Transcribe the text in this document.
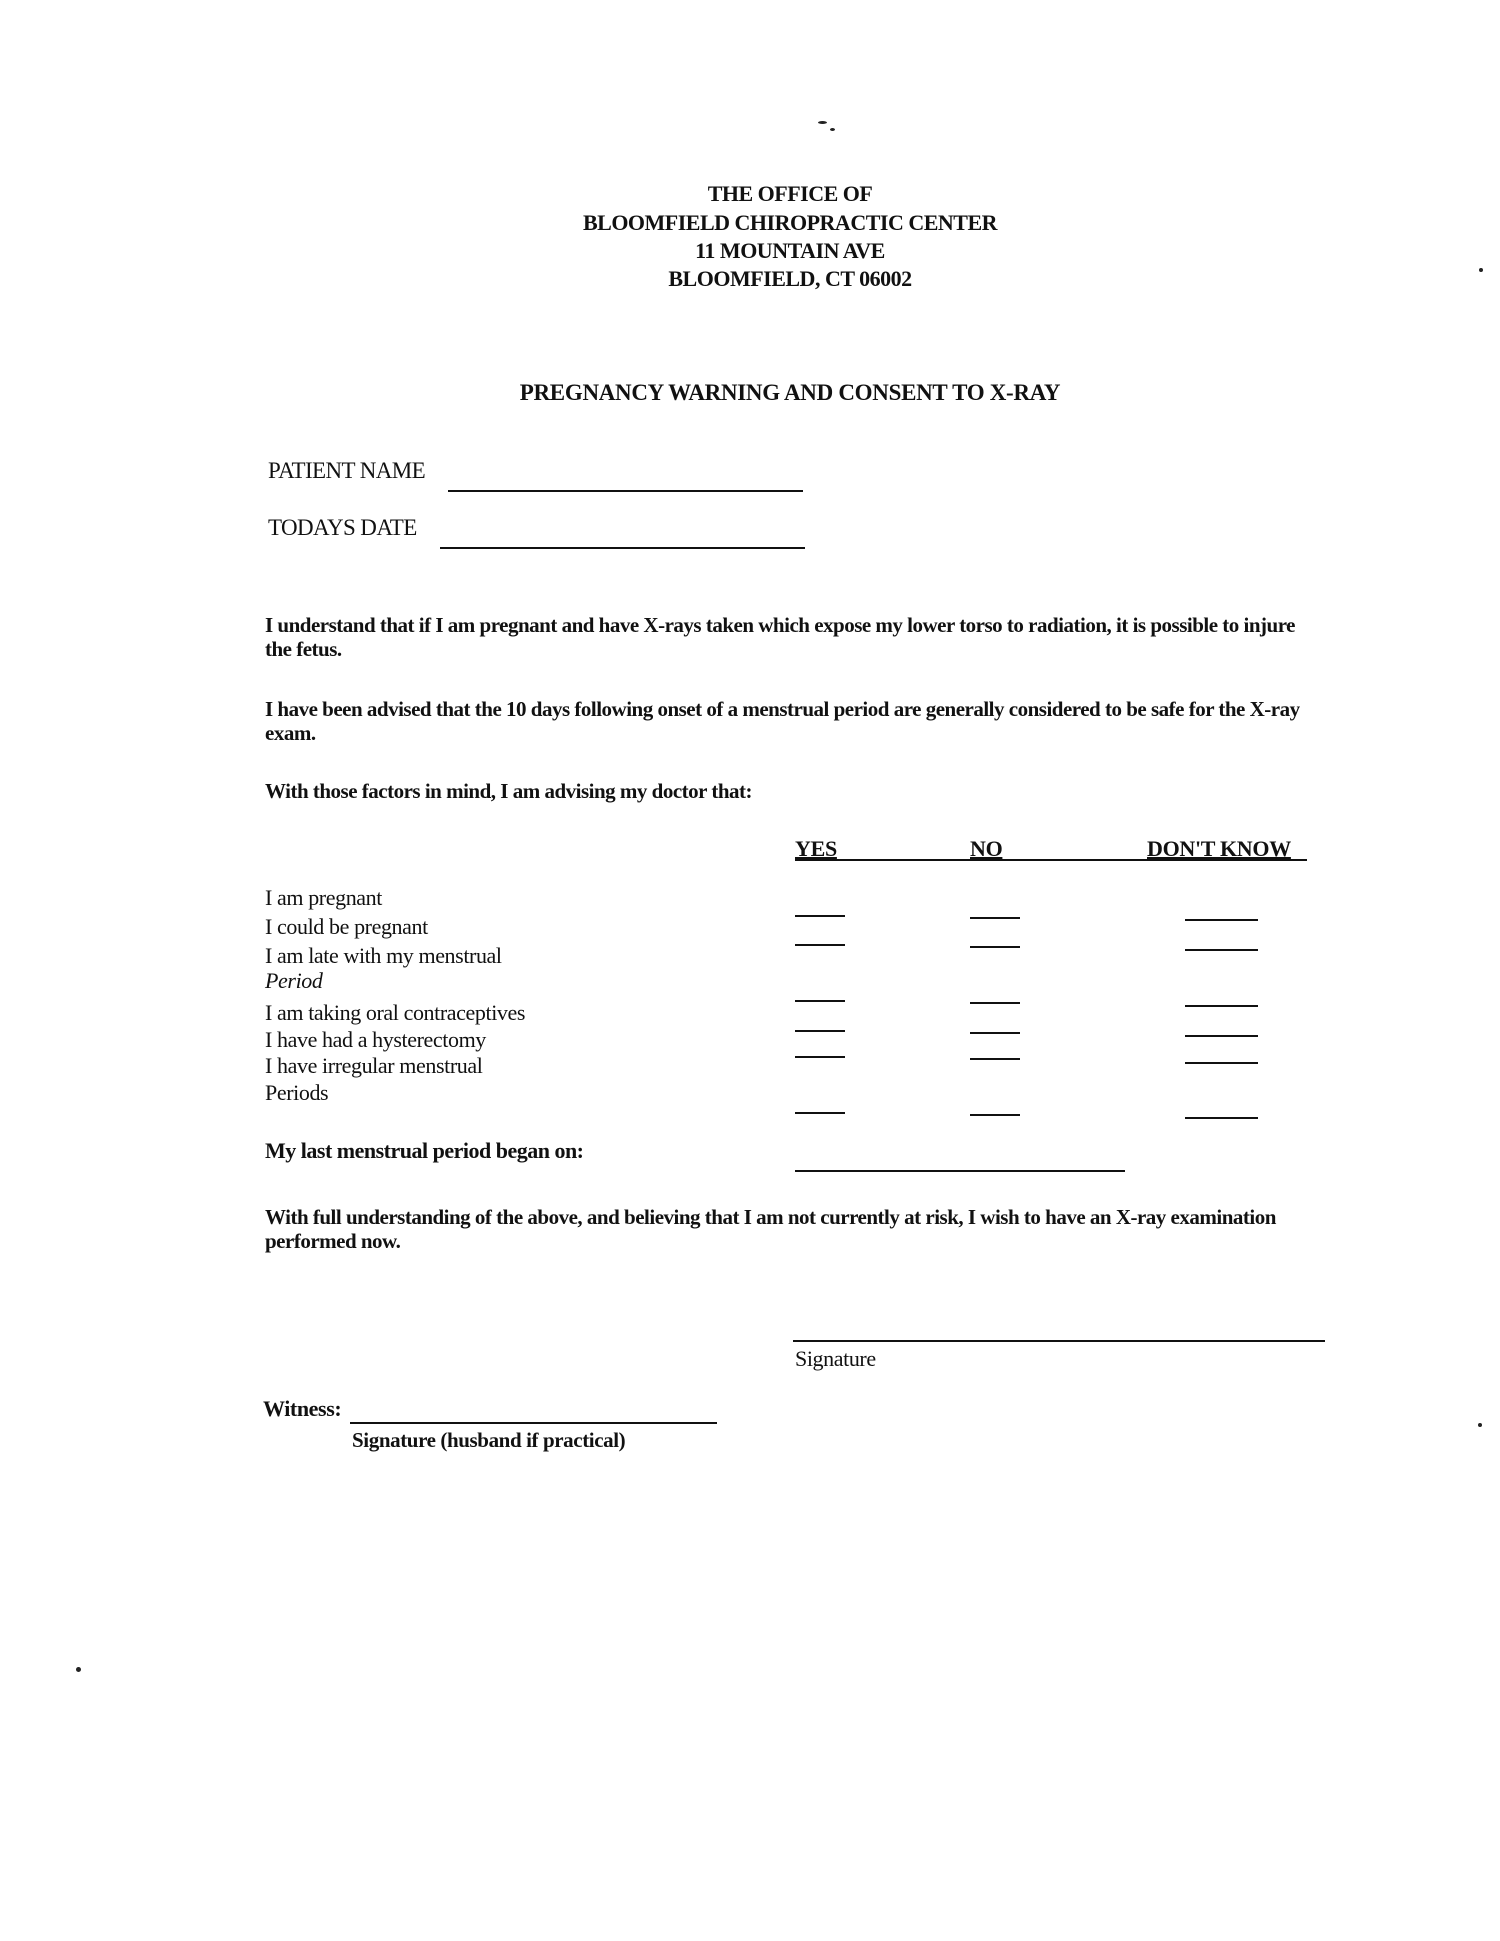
THE OFFICE OF
BLOOMFIELD CHIROPRACTIC CENTER
11 MOUNTAIN AVE
BLOOMFIELD, CT 06002
PREGNANCY WARNING AND CONSENT TO X-RAY
PATIENT NAME
TODAYS DATE
I understand that if I am pregnant and have X-rays taken which expose my lower torso to radiation, it is possible to injure the fetus.
I have been advised that the 10 days following onset of a menstrual period are generally considered to be safe for the X-ray exam.
With those factors in mind, I am advising my doctor that:
YES	NO	DON'T KNOW
I am pregnant
I could be pregnant
I am late with my menstrual
Period
I am taking oral contraceptives
I have had a hysterectomy
I have irregular menstrual
Periods
My last menstrual period began on:
With full understanding of the above, and believing that I am not currently at risk, I wish to have an X-ray examination performed now.
Signature
Witness:
Signature (husband if practical)
